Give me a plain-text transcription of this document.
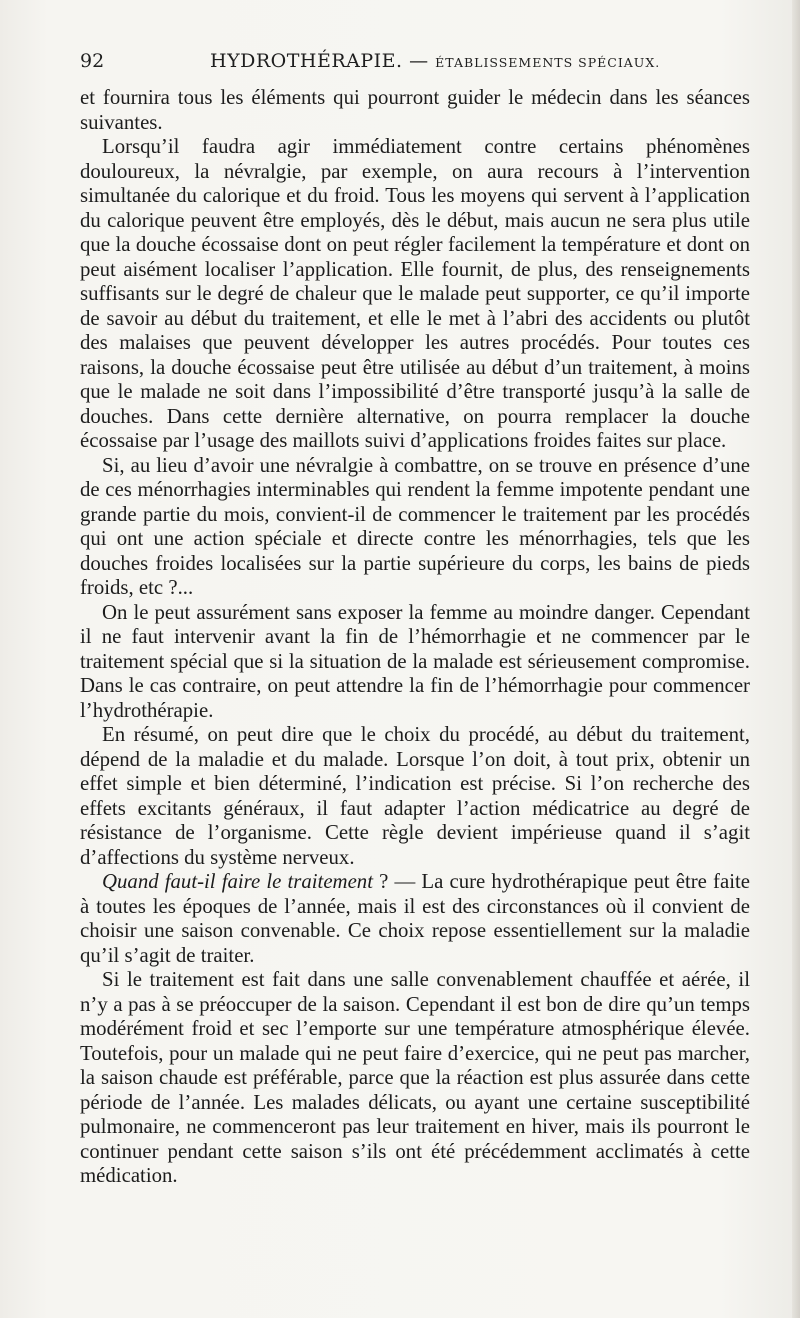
92	HYDROTHÉRAPIE. — ÉTABLISSEMENTS SPÉCIAUX.

et fournira tous les éléments qui pourront guider le médecin dans les séances suivantes.

Lorsqu’il faudra agir immédiatement contre certains phénomènes douloureux, la névralgie, par exemple, on aura recours à l’intervention simultanée du calorique et du froid. Tous les moyens qui servent à l’application du calorique peuvent être employés, dès le début, mais aucun ne sera plus utile que la douche écossaise dont on peut régler facilement la température et dont on peut aisément localiser l’application. Elle fournit, de plus, des renseignements suffisants sur le degré de chaleur que le malade peut supporter, ce qu’il importe de savoir au début du traitement, et elle le met à l’abri des accidents ou plutôt des malaises que peuvent développer les autres procédés. Pour toutes ces raisons, la douche écossaise peut être utilisée au début d’un traitement, à moins que le malade ne soit dans l’impossibilité d’être transporté jusqu’à la salle de douches. Dans cette dernière alternative, on pourra remplacer la douche écossaise par l’usage des maillots suivi d’applications froides faites sur place.

Si, au lieu d’avoir une névralgie à combattre, on se trouve en présence d’une de ces ménorrhagies interminables qui rendent la femme impotente pendant une grande partie du mois, convient-il de commencer le traitement par les procédés qui ont une action spéciale et directe contre les ménorrhagies, tels que les douches froides localisées sur la partie supérieure du corps, les bains de pieds froids, etc ?...

On le peut assurément sans exposer la femme au moindre danger. Cependant il ne faut intervenir avant la fin de l’hémorrhagie et ne commencer par le traitement spécial que si la situation de la malade est sérieusement compromise. Dans le cas contraire, on peut attendre la fin de l’hémorrhagie pour commencer l’hydrothérapie.

En résumé, on peut dire que le choix du procédé, au début du traitement, dépend de la maladie et du malade. Lorsque l’on doit, à tout prix, obtenir un effet simple et bien déterminé, l’indication est précise. Si l’on recherche des effets excitants généraux, il faut adapter l’action médicatrice au degré de résistance de l’organisme. Cette règle devient impérieuse quand il s’agit d’affections du système nerveux.

Quand faut-il faire le traitement ? — La cure hydrothérapique peut être faite à toutes les époques de l’année, mais il est des circonstances où il convient de choisir une saison convenable. Ce choix repose essentiellement sur la maladie qu’il s’agit de traiter.

Si le traitement est fait dans une salle convenablement chauffée et aérée, il n’y a pas à se préoccuper de la saison. Cependant il est bon de dire qu’un temps modérément froid et sec l’emporte sur une température atmosphérique élevée. Toutefois, pour un malade qui ne peut faire d’exercice, qui ne peut pas marcher, la saison chaude est préférable, parce que la réaction est plus assurée dans cette période de l’année. Les malades délicats, ou ayant une certaine susceptibilité pulmonaire, ne commenceront pas leur traitement en hiver, mais ils pourront le continuer pendant cette saison s’ils ont été précédemment acclimatés à cette médication.
